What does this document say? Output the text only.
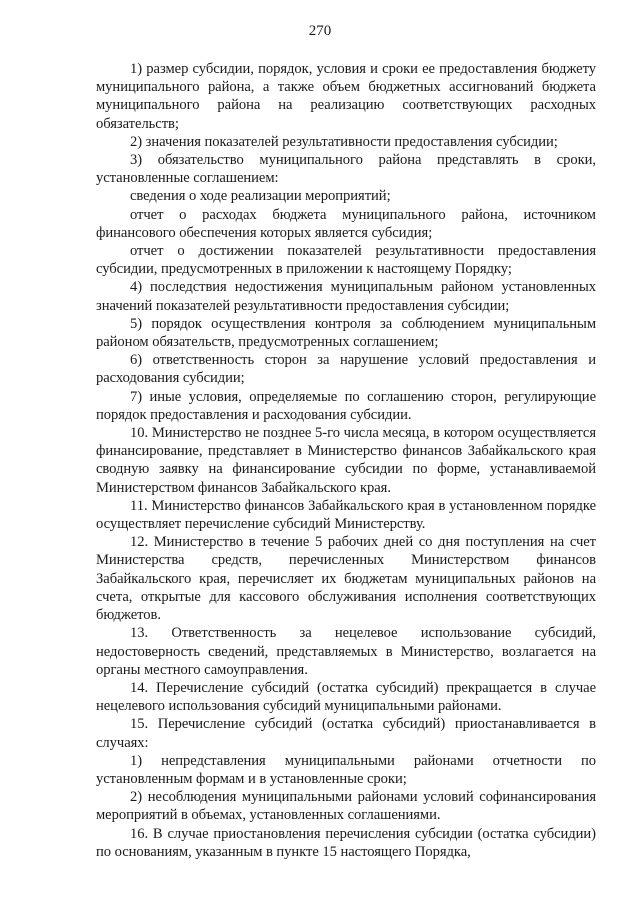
270

1) размер субсидии, порядок, условия и сроки ее предоставления бюджету муниципального района, а также объем бюджетных ассигнований бюджета муниципального района на реализацию соответствующих расходных обязательств;

2) значения показателей результативности предоставления субсидии;

3) обязательство муниципального района представлять в сроки, установленные соглашением:

сведения о ходе реализации мероприятий;

отчет о расходах бюджета муниципального района, источником финансового обеспечения которых является субсидия;

отчет о достижении показателей результативности предоставления субсидии, предусмотренных в приложении к настоящему Порядку;

4) последствия недостижения муниципальным районом установленных значений показателей результативности предоставления субсидии;

5) порядок осуществления контроля за соблюдением муниципальным районом обязательств, предусмотренных соглашением;

6) ответственность сторон за нарушение условий предоставления и расходования субсидии;

7) иные условия, определяемые по соглашению сторон, регулирующие порядок предоставления и расходования субсидии.

10. Министерство не позднее 5-го числа месяца, в котором осуществляется финансирование, представляет в Министерство финансов Забайкальского края сводную заявку на финансирование субсидии по форме, устанавливаемой Министерством финансов Забайкальского края.

11. Министерство финансов Забайкальского края в установленном порядке осуществляет перечисление субсидий Министерству.

12. Министерство в течение 5 рабочих дней со дня поступления на счет Министерства средств, перечисленных Министерством финансов Забайкальского края, перечисляет их бюджетам муниципальных районов на счета, открытые для кассового обслуживания исполнения соответствующих бюджетов.

13. Ответственность за нецелевое использование субсидий, недостоверность сведений, представляемых в Министерство, возлагается на органы местного самоуправления.

14. Перечисление субсидий (остатка субсидий) прекращается в случае нецелевого использования субсидий муниципальными районами.

15. Перечисление субсидий (остатка субсидий) приостанавливается в случаях:

1) непредставления муниципальными районами отчетности по установленным формам и в установленные сроки;

2) несоблюдения муниципальными районами условий софинансирования мероприятий в объемах, установленных соглашениями.

16. В случае приостановления перечисления субсидии (остатка субсидии) по основаниям, указанным в пункте 15 настоящего Порядка,
